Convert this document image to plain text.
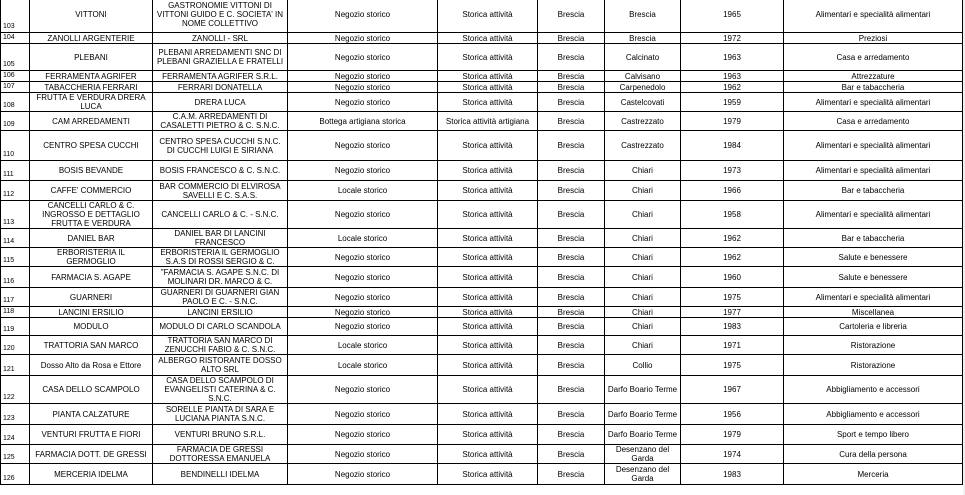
103	VITTONI	GASTRONOMIE VITTONI DI VITTONI GUIDO E C. SOCIETA' IN NOME COLLETTIVO	Negozio storico	Storica attività	Brescia	Brescia	1965	Alimentari e specialità alimentari
104	ZANOLLI ARGENTERIE	ZANOLLI - SRL	Negozio storico	Storica attività	Brescia	Brescia	1972	Preziosi
105	PLEBANI	PLEBANI ARREDAMENTI SNC DI PLEBANI GRAZIELLA E FRATELLI	Negozio storico	Storica attività	Brescia	Calcinato	1963	Casa e arredamento
106	FERRAMENTA AGRIFER	FERRAMENTA AGRIFER S.R.L.	Negozio storico	Storica attività	Brescia	Calvisano	1963	Attrezzature
107	TABACCHERIA FERRARI	FERRARI DONATELLA	Negozio storico	Storica attività	Brescia	Carpenedolo	1962	Bar e tabaccheria
108	FRUTTA E VERDURA DRERA LUCA	DRERA LUCA	Negozio storico	Storica attività	Brescia	Castelcovati	1959	Alimentari e specialità alimentari
109	CAM ARREDAMENTI	C.A.M. ARREDAMENTI DI CASALETTI PIETRO & C. S.N.C.	Bottega artigiana storica	Storica attività artigiana	Brescia	Castrezzato	1979	Casa e arredamento
110	CENTRO SPESA CUCCHI	CENTRO SPESA CUCCHI S.N.C. DI CUCCHI LUIGI E SIRIANA	Negozio storico	Storica attività	Brescia	Castrezzato	1984	Alimentari e specialità alimentari
111	BOSIS BEVANDE	BOSIS FRANCESCO & C. S.N.C.	Negozio storico	Storica attività	Brescia	Chiari	1973	Alimentari e specialità alimentari
112	CAFFE' COMMERCIO	BAR COMMERCIO DI ELVIROSA SAVELLI E C. S.A.S.	Locale storico	Storica attività	Brescia	Chiari	1966	Bar e tabaccheria
113	CANCELLI CARLO & C. INGROSSO E DETTAGLIO FRUTTA E VERDURA	CANCELLI CARLO & C. - S.N.C.	Negozio storico	Storica attività	Brescia	Chiari	1958	Alimentari e specialità alimentari
114	DANIEL BAR	DANIEL BAR DI LANCINI FRANCESCO	Locale storico	Storica attività	Brescia	Chiari	1962	Bar e tabaccheria
115	ERBORISTERIA IL GERMOGLIO	ERBORISTERIA IL GERMOGLIO S.A.S DI ROSSI SERGIO & C.	Negozio storico	Storica attività	Brescia	Chiari	1962	Salute e benessere
116	FARMACIA S. AGAPE	"FARMACIA S. AGAPE S.N.C. DI MOLINARI DR. MARCO & C.	Negozio storico	Storica attività	Brescia	Chiari	1960	Salute e benessere
117	GUARNERI	GUARNERI DI GUARNERI GIAN PAOLO E C. - S.N.C.	Negozio storico	Storica attività	Brescia	Chiari	1975	Alimentari e specialità alimentari
118	LANCINI ERSILIO	LANCINI ERSILIO	Negozio storico	Storica attività	Brescia	Chiari	1977	Miscellanea
119	MODULO	MODULO DI CARLO SCANDOLA	Negozio storico	Storica attività	Brescia	Chiari	1983	Cartoleria e libreria
120	TRATTORIA SAN MARCO	TRATTORIA SAN MARCO DI ZENUCCHI FABIO & C. S.N.C.	Locale storico	Storica attività	Brescia	Chiari	1971	Ristorazione
121	Dosso Alto da Rosa e Ettore	ALBERGO RISTORANTE DOSSO ALTO SRL	Locale storico	Storica attività	Brescia	Collio	1975	Ristorazione
122	CASA DELLO SCAMPOLO	CASA DELLO SCAMPOLO DI EVANGELISTI CATERINA & C. S.N.C.	Negozio storico	Storica attività	Brescia	Darfo Boario Terme	1967	Abbigliamento e accessori
123	PIANTA CALZATURE	SORELLE PIANTA DI SARA E LUCIANA PIANTA S.N.C.	Negozio storico	Storica attività	Brescia	Darfo Boario Terme	1956	Abbigliamento e accessori
124	VENTURI FRUTTA E FIORI	VENTURI BRUNO S.R.L.	Negozio storico	Storica attività	Brescia	Darfo Boario Terme	1979	Sport e tempo libero
125	FARMACIA DOTT. DE GRESSI	FARMACIA DE GRESSI DOTTORESSA EMANUELA	Negozio storico	Storica attività	Brescia	Desenzano del Garda	1974	Cura della persona
126	MERCERIA IDELMA	BENDINELLI IDELMA	Negozio storico	Storica attività	Brescia	Desenzano del Garda	1983	Merceria
